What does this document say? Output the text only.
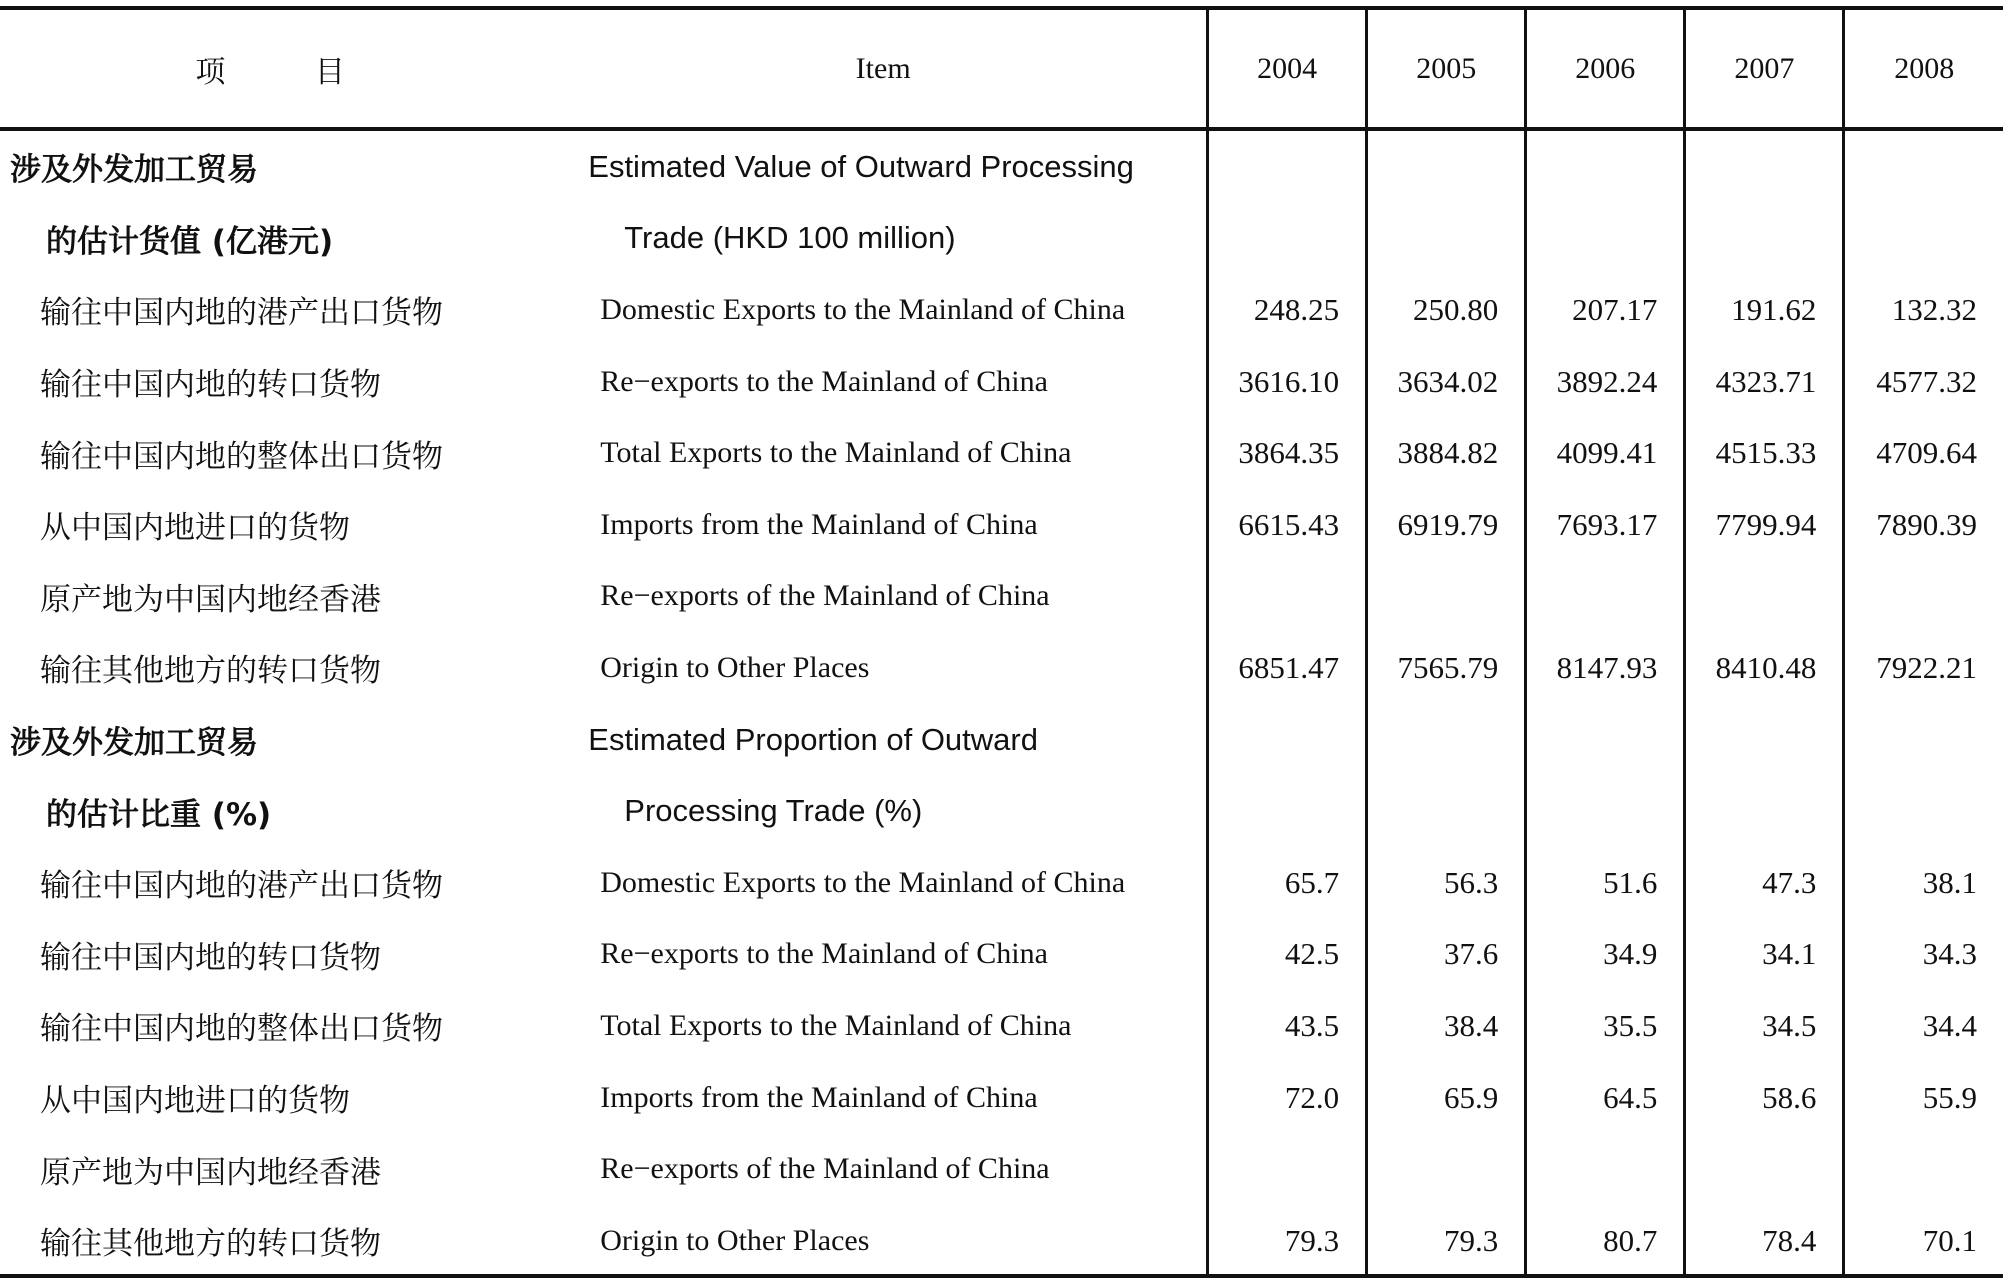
项 目	Item	2004	2005	2006	2007	2008
涉及外发加工贸易	Estimated Value of Outward Processing					
的估计货值 (亿港元)	Trade (HKD 100 million)					
输往中国内地的港产出口货物	Domestic Exports to the Mainland of China	248.25	250.80	207.17	191.62	132.32
输往中国内地的转口货物	Re−exports to the Mainland of China	3616.10	3634.02	3892.24	4323.71	4577.32
输往中国内地的整体出口货物	Total Exports to the Mainland of China	3864.35	3884.82	4099.41	4515.33	4709.64
从中国内地进口的货物	Imports from the Mainland of China	6615.43	6919.79	7693.17	7799.94	7890.39
原产地为中国内地经香港	Re−exports of the Mainland of China					
输往其他地方的转口货物	Origin to Other Places	6851.47	7565.79	8147.93	8410.48	7922.21
涉及外发加工贸易	Estimated Proportion of Outward					
的估计比重 (%)	Processing Trade (%)					
输往中国内地的港产出口货物	Domestic Exports to the Mainland of China	65.7	56.3	51.6	47.3	38.1
输往中国内地的转口货物	Re−exports to the Mainland of China	42.5	37.6	34.9	34.1	34.3
输往中国内地的整体出口货物	Total Exports to the Mainland of China	43.5	38.4	35.5	34.5	34.4
从中国内地进口的货物	Imports from the Mainland of China	72.0	65.9	64.5	58.6	55.9
原产地为中国内地经香港	Re−exports of the Mainland of China					
输往其他地方的转口货物	Origin to Other Places	79.3	79.3	80.7	78.4	70.1
